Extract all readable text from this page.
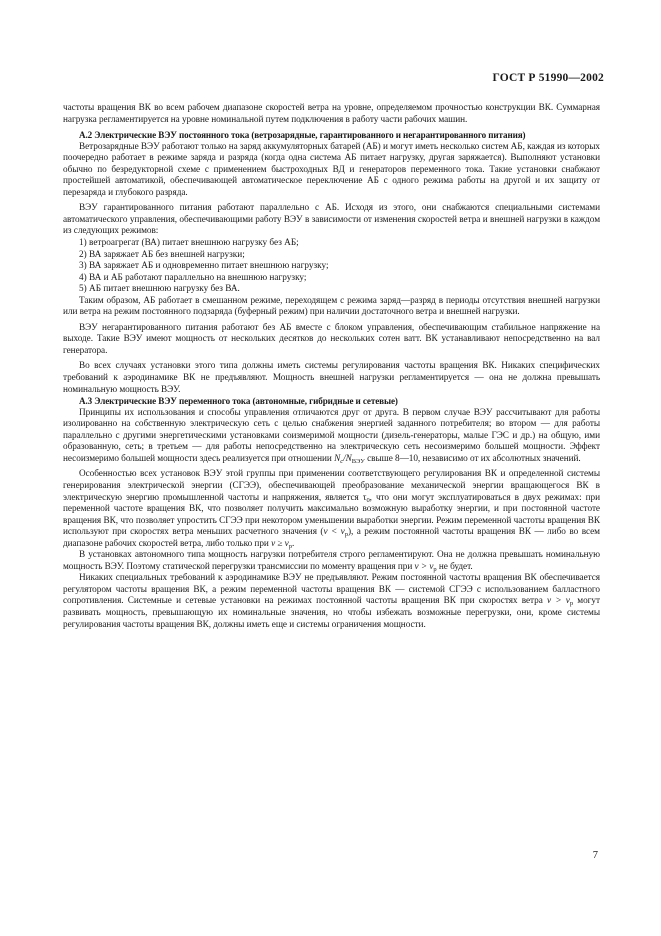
ГОСТ Р 51990—2002

частоты вращения ВК во всем рабочем диапазоне скоростей ветра на уровне, определяемом прочностью конструкции ВК. Суммарная нагрузка регламентируется на уровне номинальной путем подключения в работу части рабочих машин.

А.2 Электрические ВЭУ постоянного тока (ветрозарядные, гарантированного и негарантированного питания)

Ветрозарядные ВЭУ работают только на заряд аккумуляторных батарей (АБ) и могут иметь несколько систем АБ, каждая из которых поочередно работает в режиме заряда и разряда (когда одна система АБ питает нагрузку, другая заряжается). Выполняют установки обычно по безредукторной схеме с применением быстроходных ВД и генераторов переменного тока. Такие установки снабжают простейшей автоматикой, обеспечивающей автоматическое переключение АБ с одного режима работы на другой и их защиту от перезаряда и глубокого разряда.

ВЭУ гарантированного питания работают параллельно с АБ. Исходя из этого, они снабжаются специальными системами автоматического управления, обеспечивающими работу ВЭУ в зависимости от изменения скоростей ветра и внешней нагрузки в каждом из следующих режимов:

1) ветроагрегат (ВА) питает внешнюю нагрузку без АБ;
2) ВА заряжает АБ без внешней нагрузки;
3) ВА заряжает АБ и одновременно питает внешнюю нагрузку;
4) ВА и АБ работают параллельно на внешнюю нагрузку;
5) АБ питает внешнюю нагрузку без ВА.

Таким образом, АБ работает в смешанном режиме, переходящем с режима заряд—разряд в периоды отсутствия внешней нагрузки или ветра на режим постоянного подзаряда (буферный режим) при наличии достаточного ветра и внешней нагрузки.

ВЭУ негарантированного питания работают без АБ вместе с блоком управления, обеспечивающим стабильное напряжение на выходе. Такие ВЭУ имеют мощность от нескольких десятков до нескольких сотен ватт. ВК устанавливают непосредственно на вал генератора.

Во всех случаях установки этого типа должны иметь системы регулирования частоты вращения ВК. Никаких специфических требований к аэродинамике ВК не предъявляют. Мощность внешней нагрузки регламентируется — она не должна превышать номинальную мощность ВЭУ.

А.3 Электрические ВЭУ переменного тока (автономные, гибридные и сетевые)

Принципы их использования и способы управления отличаются друг от друга. В первом случае ВЭУ рассчитывают для работы изолированно на собственную электрическую сеть с целью снабжения энергией заданного потребителя; во втором — для работы параллельно с другими энергетическими установками соизмеримой мощности (дизель-генераторы, малые ГЭС и др.) на общую, ими образованную, сеть; в третьем — для работы непосредственно на электрическую сеть несоизмеримо большей мощности. Эффект несоизмеримо большей мощности здесь реализуется при отношении $N_c/N_{ВЭУ}$ свыше 8—10, независимо от их абсолютных значений.

Особенностью всех установок ВЭУ этой группы при применении соответствующего регулирования ВК и определенной системы генерирования электрической энергии (СГЭЭ), обеспечивающей преобразование механической энергии вращающегося ВК в электрическую энергию промышленной частоты и напряжения, является $\tau_0$, что они могут эксплуатироваться в двух режимах: при переменной частоте вращения ВК, что позволяет получить максимально возможную выработку энергии, и при постоянной частоте вращения ВК, что позволяет упростить СГЭЭ при некотором уменьшении выработки энергии. Режим переменной частоты вращения ВК используют при скоростях ветра меньших расчетного значения $(v < v_р)$, а режим постоянной частоты вращения ВК — либо во всем диапазоне рабочих скоростей ветра, либо только при $v \ge v_р$.

В установках автономного типа мощность нагрузки потребителя строго регламентируют. Она не должна превышать номинальную мощность ВЭУ. Поэтому статической перегрузки трансмиссии по моменту вращения при $v > v_р$ не будет.

Никаких специальных требований к аэродинамике ВЭУ не предъявляют. Режим постоянной частоты вращения ВК обеспечивается регулятором частоты вращения ВК, а режим переменной частоты вращения ВК — системой СГЭЭ с использованием балластного сопротивления. Системные и сетевые установки на режимах постоянной частоты вращения ВК при скоростях ветра $v > v_р$ могут развивать мощность, превышающую их номинальные значения, но чтобы избежать возможные перегрузки, они, кроме системы регулирования частоты вращения ВК, должны иметь еще и системы ограничения мощности.

7
